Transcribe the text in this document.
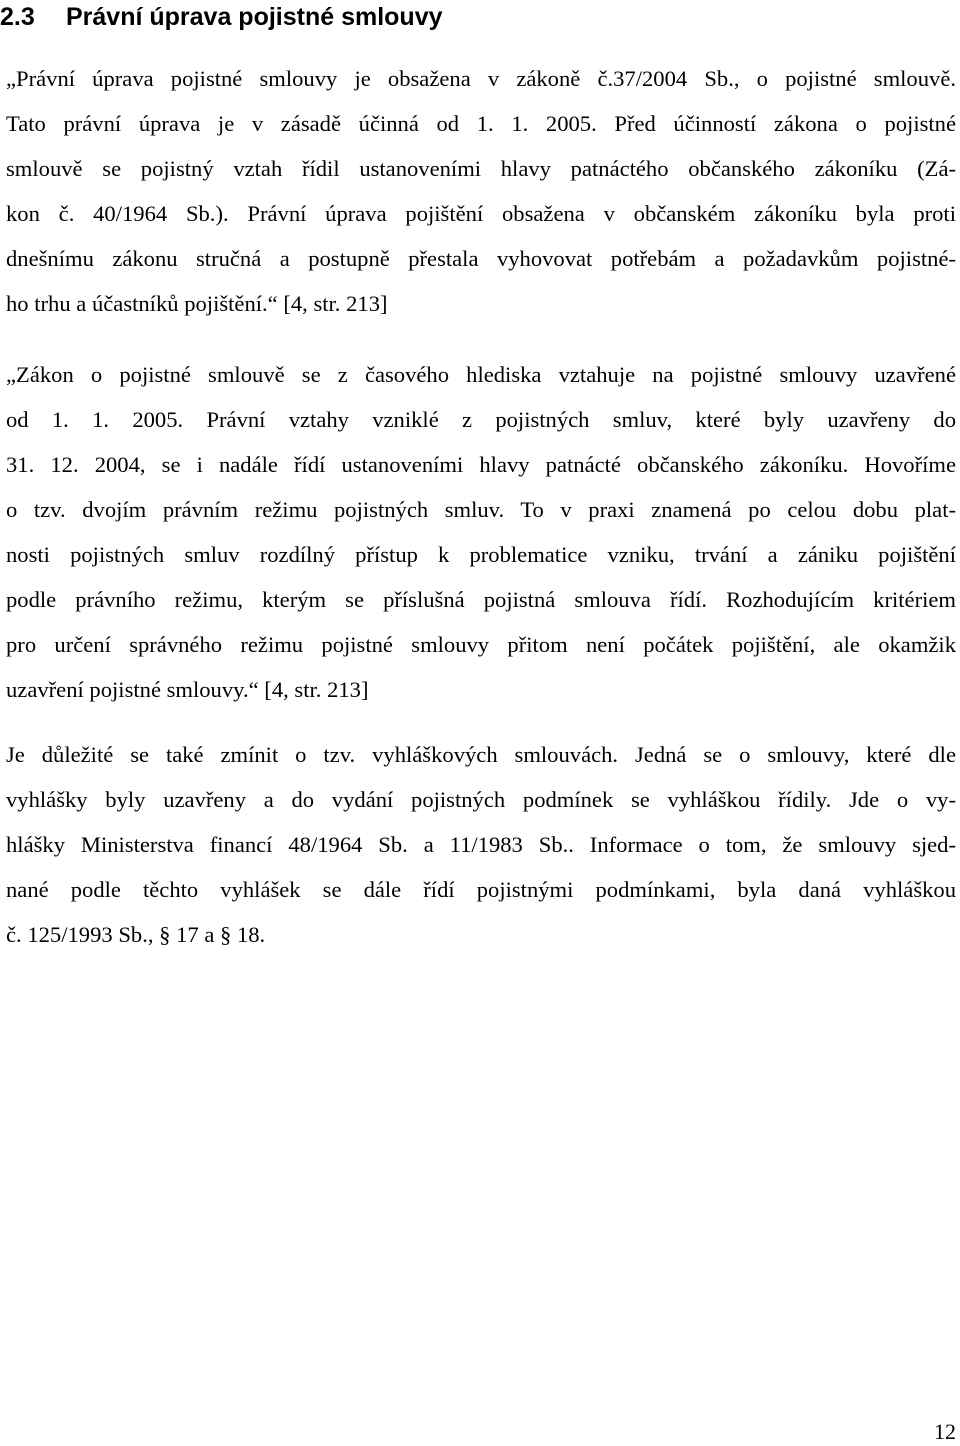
2.3 Právní úprava pojistné smlouvy

„Právní úprava pojistné smlouvy je obsažena v zákoně č.37/2004 Sb., o pojistné smlouvě.

Tato právní úprava je v zásadě účinná od 1. 1. 2005. Před účinností zákona o pojistné

smlouvě se pojistný vztah řídil ustanoveními hlavy patnáctého občanského zákoníku (Zá-

kon č. 40/1964 Sb.). Právní úprava pojištění obsažena v občanském zákoníku byla proti

dnešnímu zákonu stručná a postupně přestala vyhovovat potřebám a požadavkům pojistné-

ho trhu a účastníků pojištění.“ [4, str. 213]

„Zákon o pojistné smlouvě se z časového hlediska vztahuje na pojistné smlouvy uzavřené

od 1. 1. 2005. Právní vztahy vzniklé z pojistných smluv, které byly uzavřeny do

31. 12. 2004, se i nadále řídí ustanoveními hlavy patnácté občanského zákoníku. Hovoříme

o tzv. dvojím právním režimu pojistných smluv. To v praxi znamená po celou dobu plat-

nosti pojistných smluv rozdílný přístup k problematice vzniku, trvání a zániku pojištění

podle právního režimu, kterým se příslušná pojistná smlouva řídí. Rozhodujícím kritériem

pro určení správného režimu pojistné smlouvy přitom není počátek pojištění, ale okamžik

uzavření pojistné smlouvy.“ [4, str. 213]

Je důležité se také zmínit o tzv. vyhláškových smlouvách. Jedná se o smlouvy, které dle

vyhlášky byly uzavřeny a do vydání pojistných podmínek se vyhláškou řídily. Jde o vy-

hlášky Ministerstva financí 48/1964 Sb. a 11/1983 Sb.. Informace o tom, že smlouvy sjed-

nané podle těchto vyhlášek se dále řídí pojistnými podmínkami, byla daná vyhláškou

č. 125/1993 Sb., § 17 a § 18.

12
